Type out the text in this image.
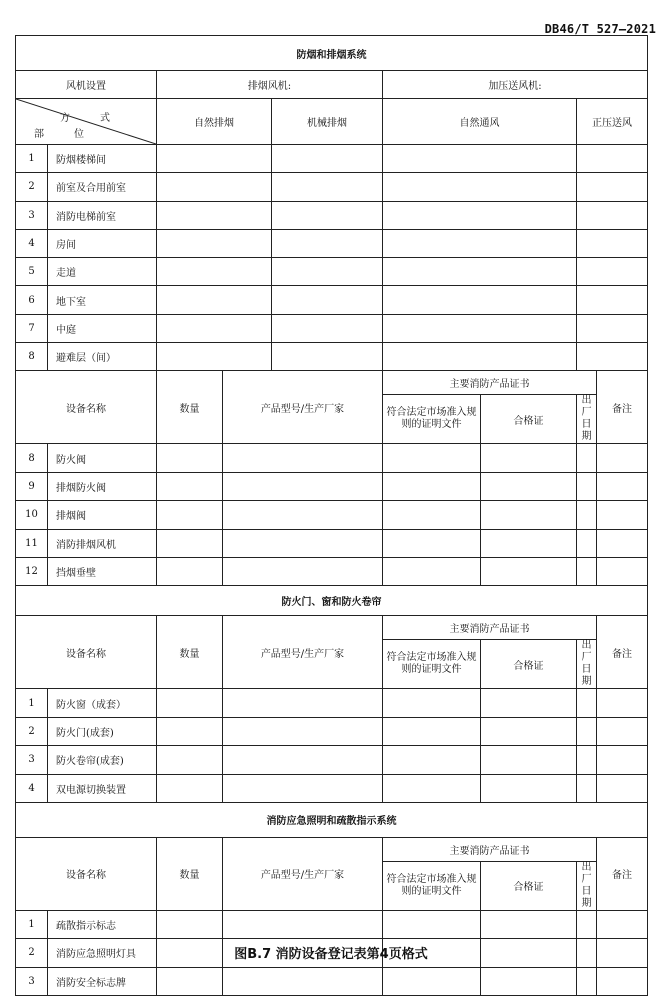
DB46/T 527—2021
防烟和排烟系统								
风机设置		排烟风机:			加压送风机:			

方　式
部　位		自然排烟		机械排烟	自然通风		正压送风	
1	防烟楼梯间							
2	前室及合用前室							
3	消防电梯前室							
4	房间							
5	走道							
6	地下室							
7	中庭							
8	避难层（间）							
设备名称		数量	产品型号/生产厂家		主要消防产品证书			备注
					符合法定市场准入规则的证明文件	合格证	出厂日期	
8	防火阀							
9	排烟防火阀							
10	排烟阀							
11	消防排烟风机							
12	挡烟垂壁							
防火门、窗和防火卷帘								
设备名称		数量	产品型号/生产厂家		主要消防产品证书			备注
					符合法定市场准入规则的证明文件	合格证	出厂日期	
1	防火窗（成套）							
2	防火门(成套)							
3	防火卷帘(成套)							
4	双电源切换装置							
消防应急照明和疏散指示系统								
设备名称		数量	产品型号/生产厂家		主要消防产品证书			备注
					符合法定市场准入规则的证明文件	合格证	出厂日期	
1	疏散指示标志							
2	消防应急照明灯具							
3	消防安全标志牌							
图B.7 消防设备登记表第4页格式
